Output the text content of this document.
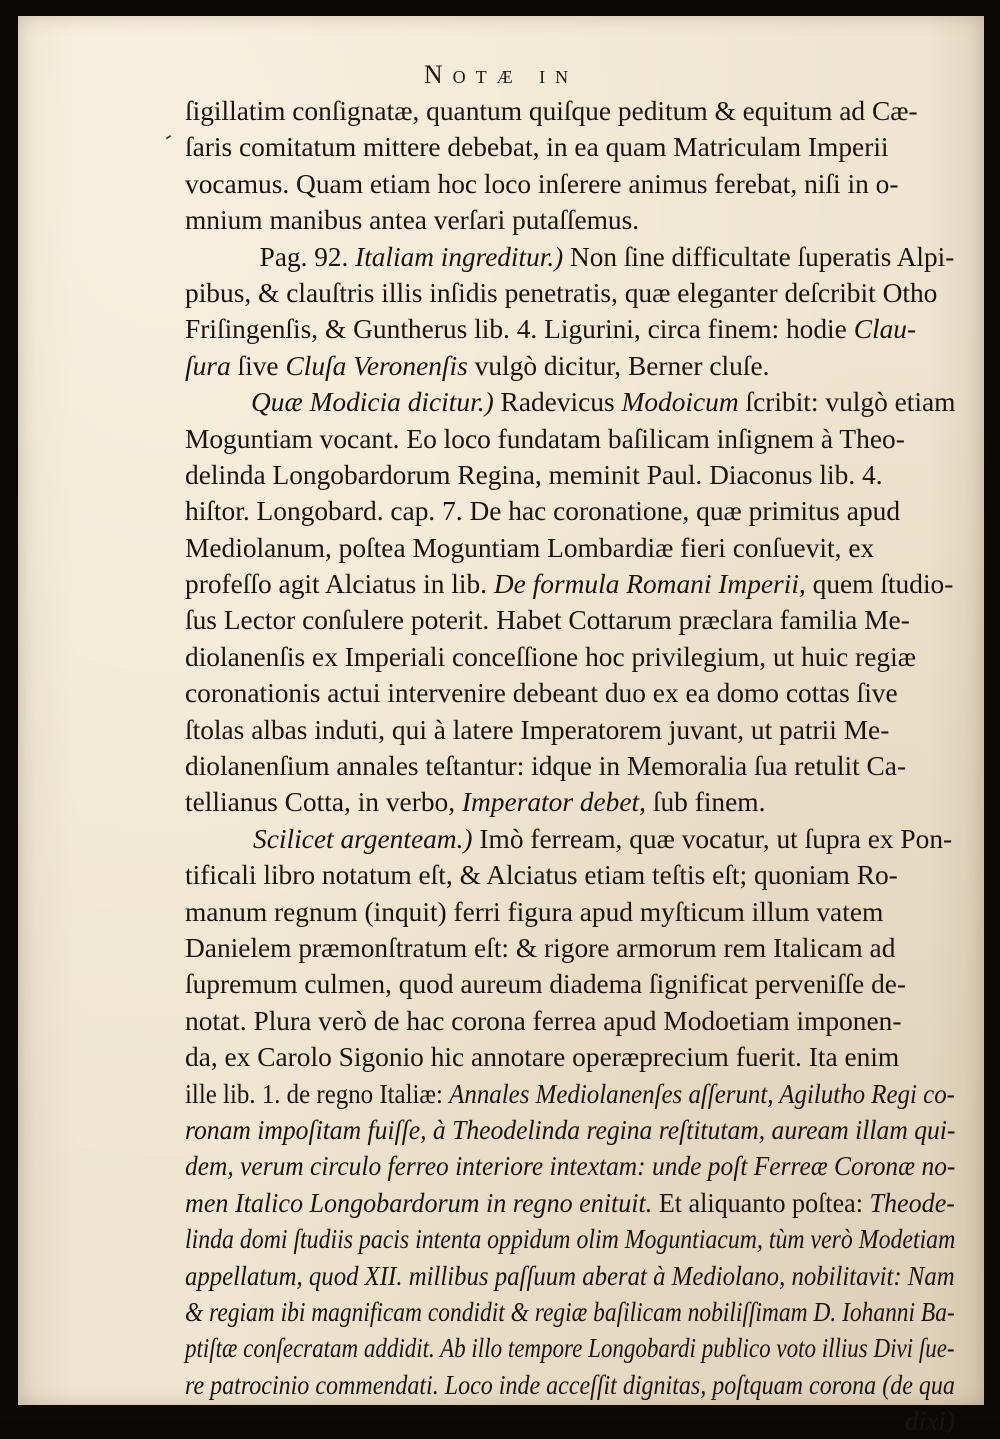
Notæ in
-
ſigillatim conſignatæ, quantum quiſque peditum & equitum ad Cæ-
ſaris comitatum mittere debebat, in ea quam Matriculam Imperii
vocamus. Quam etiam hoc loco inſerere animus ferebat, niſi in o-
mnium manibus antea verſari putaſſemus.
Pag. 92. Italiam ingreditur.) Non ſine difficultate ſuperatis Alpi-
pibus, & clauſtris illis inſidis penetratis, quæ eleganter deſcribit Otho
Friſingenſis, & Guntherus lib. 4. Ligurini, circa finem: hodie Clau-
ſura ſive Cluſa Veronenſis vulgò dicitur, Berner cluſe.
Quæ Modicia dicitur.) Radevicus Modoicum ſcribit: vulgò etiam
Moguntiam vocant. Eo loco fundatam baſilicam inſignem à Theo-
delinda Longobardorum Regina, meminit Paul. Diaconus lib. 4.
hiſtor. Longobard. cap. 7. De hac coronatione, quæ primitus apud
Mediolanum, poſtea Moguntiam Lombardiæ fieri conſuevit, ex
profeſſo agit Alciatus in lib. De formula Romani Imperii, quem ſtudio-
ſus Lector conſulere poterit. Habet Cottarum præclara familia Me-
diolanenſis ex Imperiali conceſſione hoc privilegium, ut huic regiæ
coronationis actui intervenire debeant duo ex ea domo cottas ſive
ſtolas albas induti, qui à latere Imperatorem juvant, ut patrii Me-
diolanenſium annales teſtantur: idque in Memoralia ſua retulit Ca-
tellianus Cotta, in verbo, Imperator debet, ſub finem.
Scilicet argenteam.) Imò ferream, quæ vocatur, ut ſupra ex Pon-
tificali libro notatum eſt, & Alciatus etiam teſtis eſt; quoniam Ro-
manum regnum (inquit) ferri figura apud myſticum illum vatem
Danielem præmonſtratum eſt: & rigore armorum rem Italicam ad
ſupremum culmen, quod aureum diadema ſignificat perveniſſe de-
notat. Plura verò de hac corona ferrea apud Modoetiam imponen-
da, ex Carolo Sigonio hic annotare operæprecium fuerit. Ita enim
ille lib. 1. de regno Italiæ: Annales Mediolanenſes aſſerunt, Agilutho Regi co-
ronam impoſitam fuiſſe, à Theodelinda regina reſtitutam, auream illam qui-
dem, verum circulo ferreo interiore intextam: unde poſt Ferreæ Coronæ no-
men Italico Longobardorum in regno enituit. Et aliquanto poſtea: Theode-
linda domi ſtudiis pacis intenta oppidum olim Moguntiacum, tùm verò Modetiam
appellatum, quod XII. millibus paſſuum aberat à Mediolano, nobilitavit: Nam
& regiam ibi magnificam condidit & regiæ baſilicam nobiliſſimam D. Iohanni Ba-
ptiſtæ conſecratam addidit. Ab illo tempore Longobardi publico voto illius Divi ſue-
re patrocinio commendati. Loco inde acceſſit dignitas, poſtquam corona (de qua
dixi)
